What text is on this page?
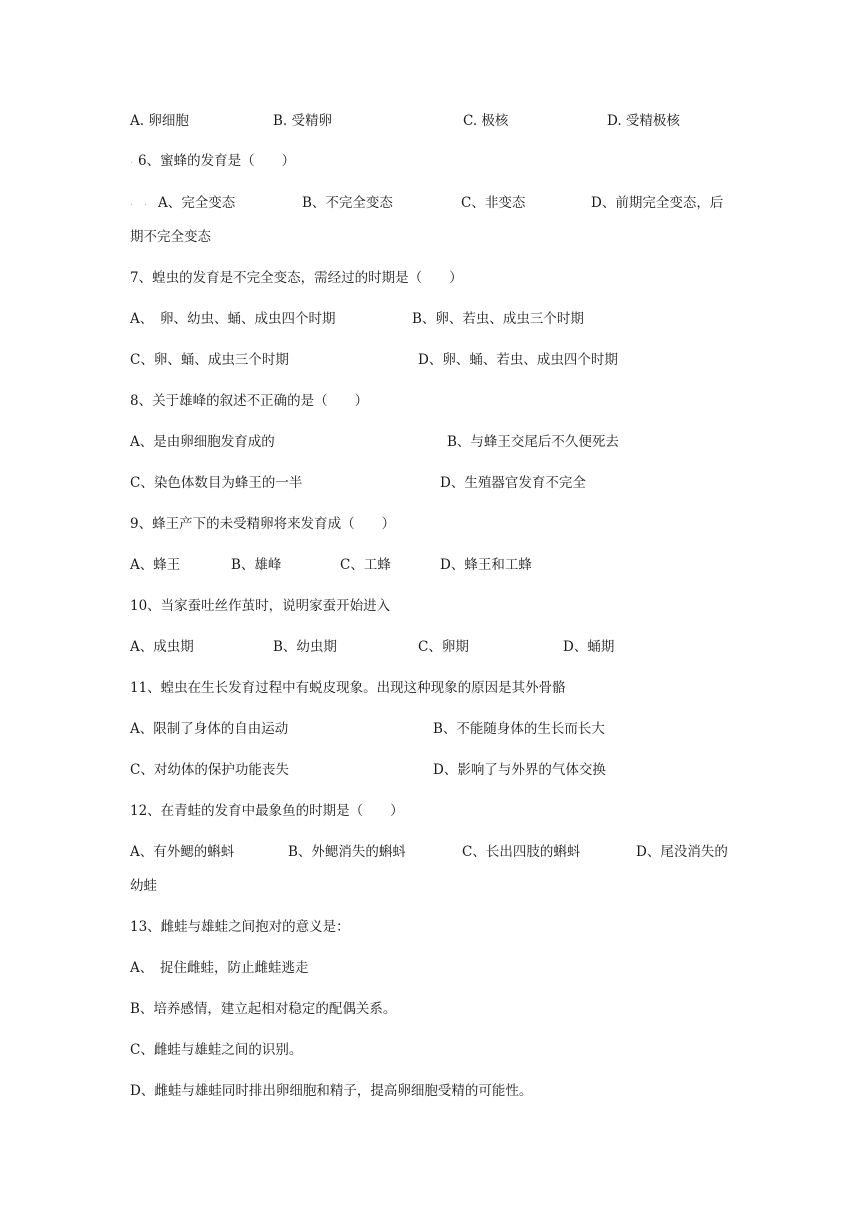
A. 卵细胞	B. 受精卵	C. 极核	D. 受精极核
. 6、蜜蜂的发育是（　　）
. . A、完全变态	B、不完全变态	C、非变态	D、前期完全变态，后
期不完全变态
7、蝗虫的发育是不完全变态，需经过的时期是（　　）
A、　卵、幼虫、蛹、成虫四个时期	B、卵、若虫、成虫三个时期
C、卵、蛹、成虫三个时期	D、卵、蛹、若虫、成虫四个时期
8、关于雄峰的叙述不正确的是（　　）
A、是由卵细胞发育成的	B、与蜂王交尾后不久便死去
C、染色体数目为蜂王的一半	D、生殖器官发育不完全
9、蜂王产下的未受精卵将来发育成（　　）
A、蜂王	B、雄峰	C、工蜂	D、蜂王和工蜂
10、当家蚕吐丝作茧时，说明家蚕开始进入
A、成虫期	B、幼虫期	C、卵期	D、蛹期
11、蝗虫在生长发育过程中有蜕皮现象。出现这种现象的原因是其外骨骼
A、限制了身体的自由运动	B、不能随身体的生长而长大
C、对幼体的保护功能丧失	D、影响了与外界的气体交换
12、在青蛙的发育中最象鱼的时期是（　　）
A、有外鳃的蝌蚪	B、外鳃消失的蝌蚪	C、长出四肢的蝌蚪	D、尾没消失的
幼蛙
13、雌蛙与雄蛙之间抱对的意义是：
A、　捉住雌蛙，防止雌蛙逃走
B、培养感情，建立起相对稳定的配偶关系。
C、雌蛙与雄蛙之间的识别。
D、雌蛙与雄蛙同时排出卵细胞和精子，提高卵细胞受精的可能性。
